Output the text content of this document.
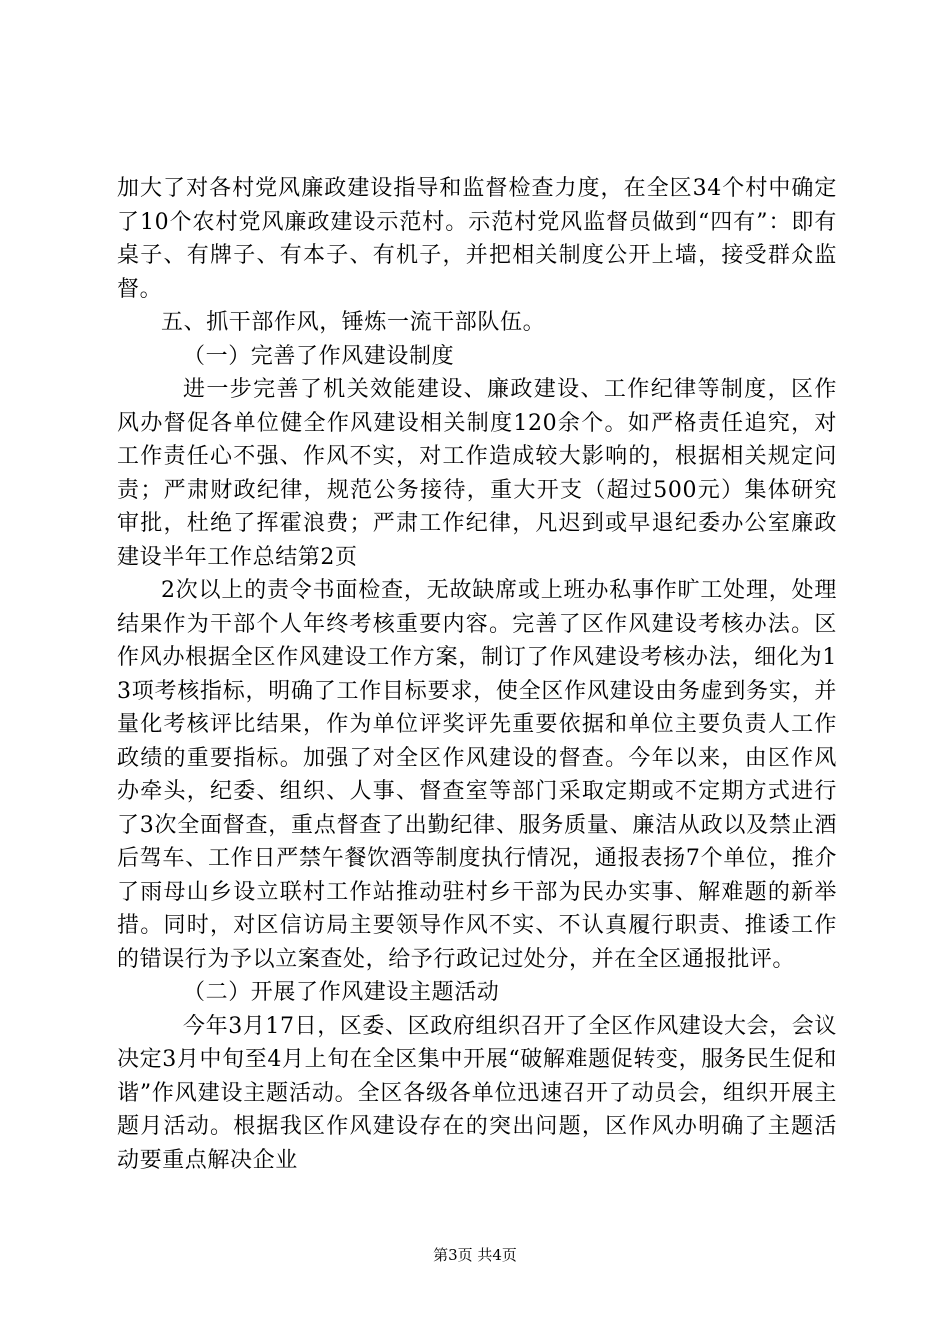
加大了对各村党风廉政建设指导和监督检查力度，在全区34个村中确定了10个农村党风廉政建设示范村。示范村党风监督员做到“四有”：即有桌子、有牌子、有本子、有机子，并把相关制度公开上墙，接受群众监督。

五、抓干部作风，锤炼一流干部队伍。

（一）完善了作风建设制度

进一步完善了机关效能建设、廉政建设、工作纪律等制度，区作风办督促各单位健全作风建设相关制度120余个。如严格责任追究，对工作责任心不强、作风不实，对工作造成较大影响的，根据相关规定问责；严肃财政纪律，规范公务接待，重大开支（超过500元）集体研究审批，杜绝了挥霍浪费；严肃工作纪律，凡迟到或早退纪委办公室廉政建设半年工作总结第2页

2次以上的责令书面检查，无故缺席或上班办私事作旷工处理，处理结果作为干部个人年终考核重要内容。完善了区作风建设考核办法。区作风办根据全区作风建设工作方案，制订了作风建设考核办法，细化为13项考核指标，明确了工作目标要求，使全区作风建设由务虚到务实，并量化考核评比结果，作为单位评奖评先重要依据和单位主要负责人工作政绩的重要指标。加强了对全区作风建设的督查。今年以来，由区作风办牵头，纪委、组织、人事、督查室等部门采取定期或不定期方式进行了3次全面督查，重点督查了出勤纪律、服务质量、廉洁从政以及禁止酒后驾车、工作日严禁午餐饮酒等制度执行情况，通报表扬7个单位，推介了雨母山乡设立联村工作站推动驻村乡干部为民办实事、解难题的新举措。同时，对区信访局主要领导作风不实、不认真履行职责、推诿工作的错误行为予以立案查处，给予行政记过处分，并在全区通报批评。

（二）开展了作风建设主题活动

今年3月17日，区委、区政府组织召开了全区作风建设大会，会议决定3月中旬至4月上旬在全区集中开展“破解难题促转变，服务民生促和谐”作风建设主题活动。全区各级各单位迅速召开了动员会，组织开展主题月活动。根据我区作风建设存在的突出问题，区作风办明确了主题活动要重点解决企业

第3页 共4页
